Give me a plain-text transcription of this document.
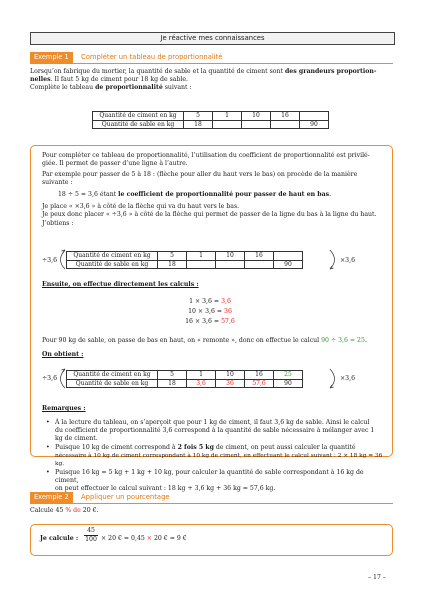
Je réactive mes connaissances
Exemple 1	Compléter un tableau de proportionnalité
Lorsqu’on fabrique du mortier, la quantité de sable et la quantité de ciment sont des grandeurs proportion-
nelles. Il faut 5 kg de ciment pour 18 kg de sable.
Complète le tableau de proportionnalité suivant :
Quantité de ciment en kg	5	1	10	16	
Quantité de sable en kg	18				90
Pour compléter ce tableau de proportionnalité, l’utilisation du coefficient de proportionnalité est privilé-
giée. Il permet de passer d’une ligne à l’autre.
Par exemple pour passer de 5 à 18 : (flèche pour aller du haut vers le bas) on procède de la manière
suivante :
18 ÷ 5 = 3,6 étant le coefficient de proportionnalité pour passer de haut en bas.
Je place « ×3,6 » à côté de la flèche qui va du haut vers le bas.
Je peux donc placer « ÷3,6 » à côté de la flèche qui permet de passer de la ligne du bas à la ligne du haut.
J’obtiens :
÷3,6
Quantité de ciment en kg	5	1	10	16	
Quantité de sable en kg	18				90	×3,6
Ensuite, on effectue directement les calculs :
1 × 3,6 = 3,6
10 × 3,6 = 36
16 × 3,6 = 57,6
Pour 90 kg de sable, on passe de bas en haut, on « remonte », donc on effectue le calcul 90 ÷ 3,6 = 25.
On obtient :
÷3,6
Quantité de ciment en kg	5	1	10	16	25
Quantité de sable en kg	18	3,6	36	57,6	90
×3,6
Remarques :
• À la lecture du tableau, on s’aperçoit que pour 1 kg de ciment, il faut 3,6 kg de sable. Ainsi le calcul
du coefficient de proportionnalité 3,6 correspond à la quantité de sable nécessaire à mélanger avec 1
kg de ciment.
• Puisque 10 kg de ciment correspond à 2 fois 5 kg de ciment, on peut aussi calculer la quantité
nécessaire à 10 kg de ciment correspondant à 10 kg de ciment, en effectuant le calcul suivant : 2 × 18 kg = 36 kg.
• Puisque 16 kg = 5 kg + 1 kg + 10 kg, pour calculer la quantité de sable correspondant à 16 kg de ciment,
on peut effectuer le calcul suivant : 18 kg + 3,6 kg + 36 kg = 57,6 kg.
Exemple 2	Appliquer un pourcentage
Calcule 45 % de 20 €.
Je calcule :
45
100 × 20 € = 0,45 × 20 € = 9 €
– 17 –
